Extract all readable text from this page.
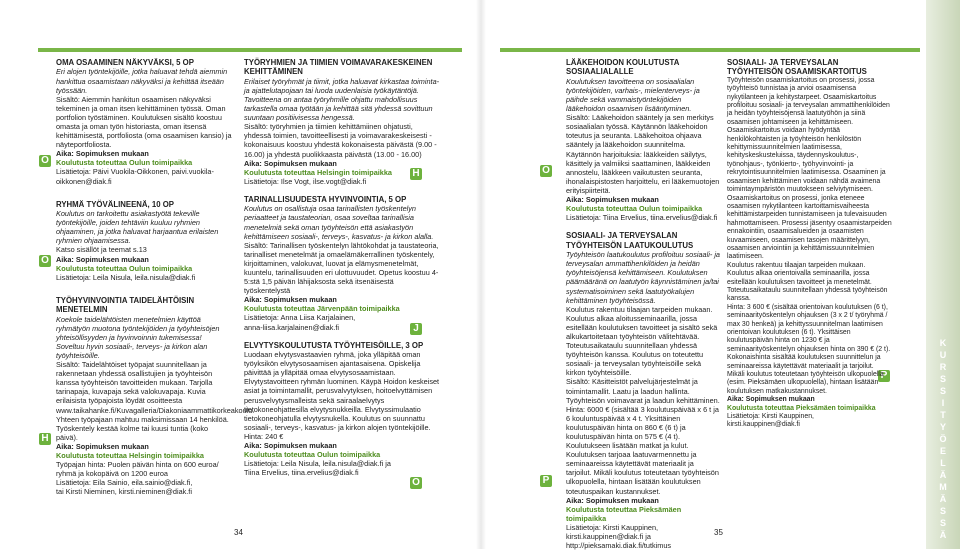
K
U
R
S
S
I
T
Y
Ö
E
L
Ä
M
Ä
S
S
Ä
O
O
H
H
J
O
O
P
P

OMA OSAAMINEN NÄKYVÄKSI, 5 OP

Eri alojen työntekijöille, jotka haluavat tehdä aiemmin hankittua osaamistaan näkyväksi ja kehittää itseään työssään.

Sisältö: Aiemmin hankitun osaamisen näkyväksi tekeminen ja oman itsen kehittäminen työssä. Oman portfolion työstäminen. Koulutuksen sisältö koostuu omasta ja oman työn historiasta, oman itsensä kehittämisestä, portfoliosta (oma osaamisen kansio) ja näyteportfoliosta.

Aika: Sopimuksen mukaan

Koulutusta toteuttaa Oulun toimipaikka

Lisätietoja: Päivi Vuokila-Oikkonen, paivi.vuokila-oikkonen@diak.fi

RYHMÄ TYÖVÄLINEENÄ, 10 OP

Koulutus on tarkoitettu asiakastyötä tekeville työntekijöille, joiden tehtäviin kuuluu ryhmien ohjaaminen, ja jotka haluavat harjaantua erilaisten ryhmien ohjaamisessa.

Katso sisällöt ja teemat s.13

Aika: Sopimuksen mukaan

Koulutusta toteuttaa Oulun toimipaikka

Lisätietoja: Leila Nisula, leila.nisula@diak.fi

TYÖHYVINVOINTIA TAIDELÄHTÖISIN MENETELMIN

Koekole taidelähtöisten menetelmien käyttöä ryhmätyön muotona työntekijöiden ja työyhteisöjen yhteisöllisyyden ja hyvinvoinnin tukemisessa! Soveltuu hyvin sosiaali-, terveys- ja kirkon alan työyhteisöille.

Sisältö: Taidelähtöiset työpajat suunnitellaan ja rakennetaan yhdessä osallistujien ja työyhteisön kanssa työyhteisön tavoitteiden mukaan. Tarjolla tarinapaja, kuvapaja sekä valokuvapaja. Kuvia erilaisista työpajoista löydät osoitteesta www.taikahanke.fi/Kuvagalleria/Diakoniaammattikorkeakoulu. Yhteen työpajaan mahtuu maksimissaan 14 henkilöä. Työskentely kestää kolme tai kuusi tuntia (koko päivä).

Aika: Sopimuksen mukaan

Koulutusta toteuttaa Helsingin toimipaikka

Työpajan hinta: Puolen päivän hinta on 600 euroa/ ryhmä ja kokopäivä on 1200 euroa

Lisätietoja: Eila Sainio, eila.sainio@diak.fi,

tai Kirsti Nieminen, kirsti.nieminen@diak.fi

TYÖRYHMIEN JA TIIMIEN VOIMAVARAKESKEINEN KEHITTÄMINEN

Erilaiset työryhmät ja tiimit, jotka haluavat kirkastaa toiminta- ja ajattelutapojaan tai luoda uudenlaisia työkäytäntöjä. Tavoitteena on antaa työryhmille ohjattu mahdollisuus tarkastella omaa työtään ja kehittää sitä yhdessä sovittuun suuntaan positiivisessa hengessä.

Sisältö: työryhmien ja tiimien kehittämiinen ohjatusti, yhdessä toimien, tavoitteellisesti ja voimavarakeskeisesti -kokonaisuus koostuu yhdestä kokonaisesta päivästä (9.00 - 16.00) ja yhdestä puolikkaasta päivästä (13.00 - 16.00)

Aika: Sopimuksen mukaan

Koulutusta toteuttaa Helsingin toimipaikka

Lisätietoja: Ilse Vogt, ilse.vogt@diak.fi

TARINALLISUUDESTA HYVINVOINTIA, 5 OP

Koulutus on osallistuja osaa tarinallisten työskentelyn periaatteet ja taustateorian, osaa soveltaa tarinallisia menetelmiä sekä oman työyhteisön että asiakastyön kehittämiseen sosiaali-, terveys-, kasvatus- ja kirkon alalla.

Sisältö: Tarinallisen työskentelyn lähtökohdat ja taustateoria, tarinalliset menetelmät ja omaelämäkerrallinen työskentely, kirjoittaminen, valokuvat, luovat ja elämysmenetelmät, kuuntelu, tarinallisuuden eri ulottuvuudet. Opetus koostuu 4-5:stä 1,5 päivän lähijaksosta sekä itsenäisestä työskentelystä

Aika: Sopimuksen mukaan

Koulutusta toteuttaa Järvenpään toimipaikka

Lisätietoja: Anna Liisa Karjalainen,

anna-liisa.karjalainen@diak.fi

ELVYTYSKOULUTUSTA TYÖYHTEISÖILLE, 3 OP

Luodaan elvytysvastaavien ryhmä, joka ylläpitää oman työyksikön elvytysosaamisen ajantasaisena. Opiskelija päivittää ja ylläpitää omaa elvytysosaamistaan. Elvytystavoitteen ryhmän luominen. Käypä Hoidon keskeiset asiat ja toimintamallit, perusvalvytyksen, hoitoelvyttämisen perusvelvytysmalleista sekä sairaalaelvytys tietokoneohjattesilla elvytysnukkeilla. Elvytyssimulaatio tietokoneohjatulla elvytysnukella. Koulutus on suunnattu sosiaali-, terveys-, kasvatus- ja kirkon alojen työntekijöille.

Hinta: 240 €

Aika: Sopimuksen mukaan

Koulutusta toteuttaa Oulun toimipaikka

Lisätietoja: Leila Nisula, leila.nisula@diak.fi ja

Tiina Ervelius, tiina.ervelius@diak.fi

LÄÄKEHOIDON KOULUTUSTA SOSIAALIALALLE

Koulutuksen tavoitteena on sosiaalialan työntekijöiden, varhais-, mielenterveys- ja päihde sekä vammaistyöntekijöiden lääkehoidon osaamisen lisääntyminen.

Sisältö: Lääkehoidon sääntely ja sen merkitys sosiaalialan työssä. Käytännön lääkehoidon toteutus ja seuranta. Lääkehoitoa ohjaava sääntely ja lääkehoidon suunnitelma. Käytännön harjoituksia: lääkkeiden säilytys, käsittely ja valmiiksi saattaminen, lääkkeiden annostelu, lääkkeen vaikutusten seuranta, ihonalaispistosten harjoittelu, eri lääkemuotojen erityispiirteitä.

Aika: Sopimuksen mukaan

Koulutusta toteuttaa Oulun toimipaikka

Lisätietoja: Tiina Ervelius, tiina.ervelius@diak.fi

SOSIAALI- JA TERVEYSALAN TYÖYHTEISÖN LAATUKOULUTUS

Työyhteisön laatukoulutus profiloituu sosiaali- ja terveysalan ammattihenkilöiden ja heidän työyhteisöjensä kehittämiseen. Koulutuksen päämääränä on laatutyön käynnistäminen ja/tai systematisoiminen sekä laatutyökalujen kehittäminen työyhteisössä.

Koulutus rakentuu tilaajan tarpeiden mukaan. Koulutus alkaa aloitusseminaarilla, jossa esitellään koulutuksen tavoitteet ja sisältö sekä alkukartoitetaan työyhteisön välitehtävää. Toteutusaikataulu suunnitellaan yhdessä työyhteisön kanssa. Koulutus on toteutettu sosiaali- ja terveysalan työyhteisöille sekä kirkon työyhteisöille.

Sisältö: Käsitteistöt palvelujärjestelmät ja toimintamallit. Laatu ja laadun hallinta. Työyhteisön voimavarat ja laadun kehittäminen.

Hinta: 6000 € (sisältää 3 koulutuspäivää x 6 t ja 6 kouluntuspäivää x 4 t. Yksittäinen koulutuspäivän hinta on 860 € (6 t) ja koulutuspäivän hinta on 575 € (4 t). Koulutukseen lisätään matkat ja kulut. Koulutuksen tarjoaa laatuvarmennettu ja seminaareissa käytettävät materiaalit ja tarjoilut. Mikäli koulutus toteutetaan työyhteisön ulkopuolella, hintaan lisätään koulutuksen toteutuspaikan kustannukset.

Aika: Sopimuksen mukaan

Koulutusta toteuttaa Pieksämäen toimipaikka

Lisätietoja: Kirsti Kauppinen, kirsti.kauppinen@diak.fi ja

http://pieksamaki.diak.fi/tutkimus

SOSIAALI- JA TERVEYSALAN TYÖYHTEISÖN OSAAMISKARTOITUS

Työyhteisön osaamiskartoitus on prosessi, jossa työyhteisö tunnistaa ja arvioi osaamisensa nykytilanteen ja kehitystarpeet. Osaamiskartoitus profiloituu sosiaali- ja terveysalan ammattihenkilöiden ja heidän työyhteisöjensä laatutyöhön ja siinä osaamisen johtamiseen ja kehittämiseen. Osaamiskartoitus voidaan hyödyntää henkilökohtaisten ja työyhteisön henkilöstön kehittymissuunnitelmien laatimisessa, kehityskeskusteluissa, täydennyskoulutus-, työnohjaus-, työnkierto-, työhyvinvointi- ja rekrytointisuunnitelmien laatimisessa. Osaaminen ja osaamisen kehittäminen voidaan nähdä avaimena toimintaympäristön muutokseen selviytymiseen. Osaamiskartoitus on prosessi, jonka eteneee osaamisen nykytilanteen kartoittamisvaiheesta kehittämistarpeiden tunnistamiseen ja tulevaisuuden hahmottamiseen. Prosessi jäsentyy osaamistarpeiden ennakointiin, osaamisalueiden ja osaamisten kuvaamiseen, osaamisen tasojen määrittelyyn, osaamisen arviointiin ja kehittämissuunnitelmien laatimiseen.

Koulutus rakentuu tilaajan tarpeiden mukaan. Koulutus alkaa orientoivalla seminaarilla, jossa esitellään koulutuksen tavoitteet ja menetelmät. Toteutusaikataulu suunnitellaan yhdessä työyhteisön kanssa.

Hinta: 3 600 € (sisältää orientoivan koulutuksen (6 t), seminaarityöskentelyn ohjauksen (3 x 2 t/ työryhmä / max 30 henkeä) ja kehittyssuunnitelman laatimisen orientoivan koulutuksen (6 t). Yksittäisen koulutuspäivän hinta on 1230 € ja seminaarityöskentelyn ohjauksen hinta on 390 € (2 t).

Kokonaishinta sisältää koulutuksen suunnittelun ja seminaareissa käytettävät materiaalit ja tarjoilut. Mikäli koulutus toteutetaan työyhteisön ulkopuolella (esim. Pieksämäen ulkopuolella), hintaan lisätään koulutuksen matkakustannukset.

Aika: Sopimuksen mukaan

Koulutusta toteuttaa Pieksämäen toimipaikka

Lisätietoja: Kirsti Kauppinen,

kirsti.kauppinen@diak.fi

34	35
